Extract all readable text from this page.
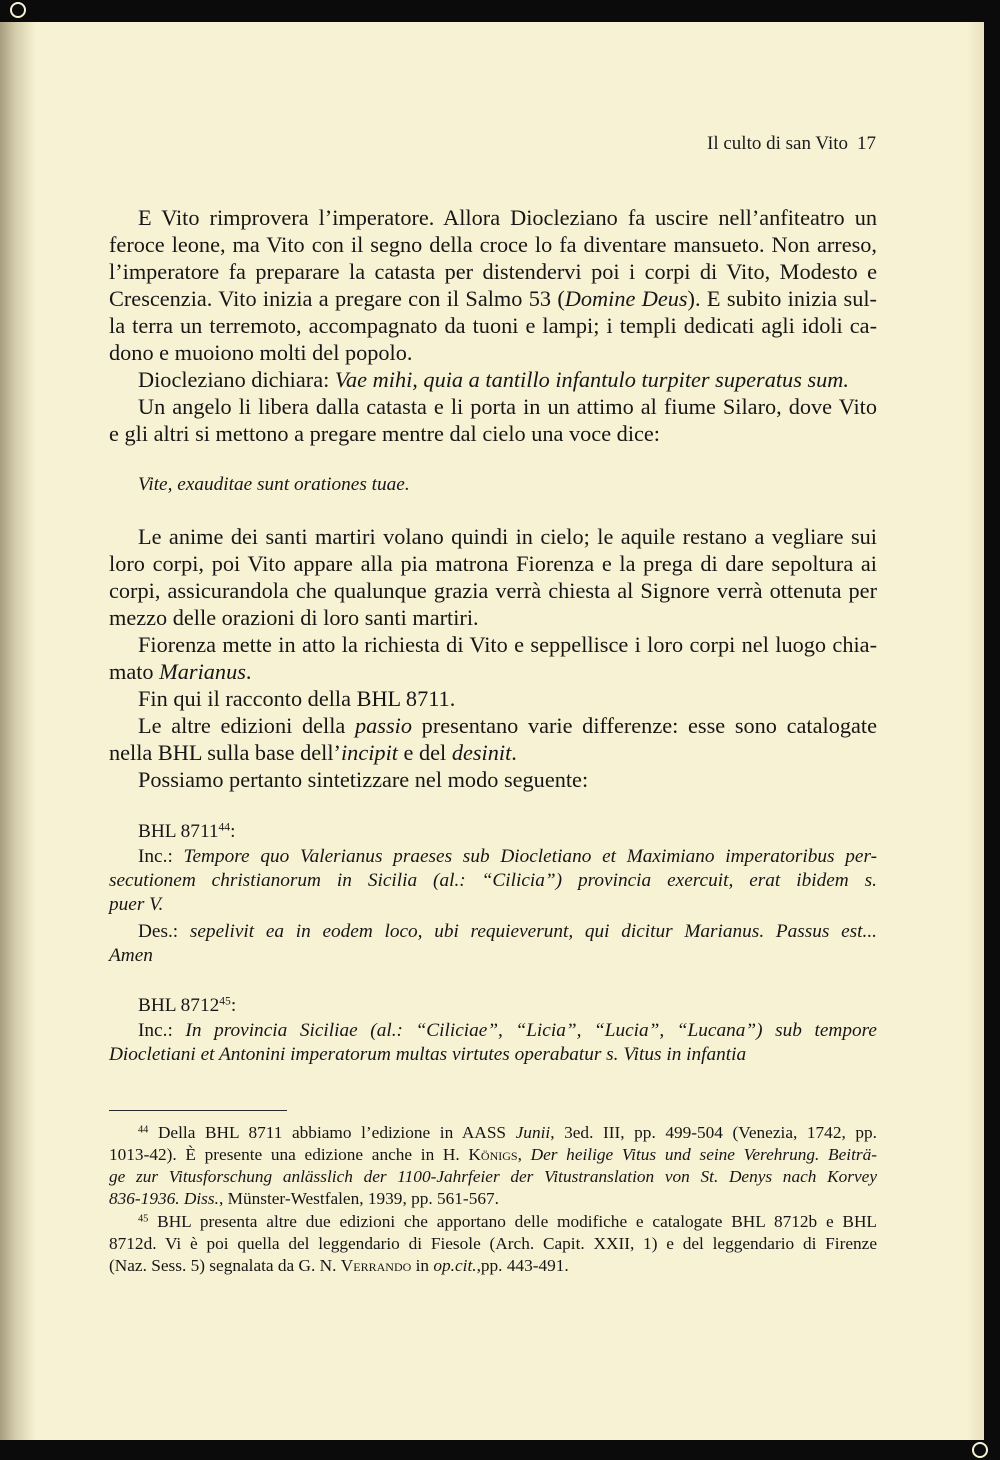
Il culto di san Vito 17
E Vito rimprovera l’imperatore. Allora Diocleziano fa uscire nell’anfiteatro un
feroce leone, ma Vito con il segno della croce lo fa diventare mansueto. Non arreso,
l’imperatore fa preparare la catasta per distendervi poi i corpi di Vito, Modesto e
Crescenzia. Vito inizia a pregare con il Salmo 53 (Domine Deus). E subito inizia sul-
la terra un terremoto, accompagnato da tuoni e lampi; i templi dedicati agli idoli ca-
dono e muoiono molti del popolo.
Diocleziano dichiara: Vae mihi, quia a tantillo infantulo turpiter superatus sum.
Un angelo li libera dalla catasta e li porta in un attimo al fiume Silaro, dove Vito
e gli altri si mettono a pregare mentre dal cielo una voce dice:
Vite, exauditae sunt orationes tuae.
Le anime dei santi martiri volano quindi in cielo; le aquile restano a vegliare sui
loro corpi, poi Vito appare alla pia matrona Fiorenza e la prega di dare sepoltura ai
corpi, assicurandola che qualunque grazia verrà chiesta al Signore verrà ottenuta per
mezzo delle orazioni di loro santi martiri.
Fiorenza mette in atto la richiesta di Vito e seppellisce i loro corpi nel luogo chia-
mato Marianus.
Fin qui il racconto della BHL 8711.
Le altre edizioni della passio presentano varie differenze: esse sono catalogate
nella BHL sulla base dell’incipit e del desinit.
Possiamo pertanto sintetizzare nel modo seguente:
BHL 8711$^{44}$:
Inc.: Tempore quo Valerianus praeses sub Diocletiano et Maximiano imperatoribus per-
secutionem christianorum in Sicilia (al.: “Cilicia”) provincia exercuit, erat ibidem s.
puer V.
Des.: sepelivit ea in eodem loco, ubi requieverunt, qui dicitur Marianus. Passus est...
Amen
BHL 8712$^{45}$:
Inc.: In provincia Siciliae (al.: “Ciliciae”, “Licia”, “Lucia”, “Lucana”) sub tempore
Diocletiani et Antonini imperatorum multas virtutes operabatur s. Vitus in infantia
$^{44}$ Della BHL 8711 abbiamo l’edizione in AASS Junii, 3ed. III, pp. 499-504 (Venezia, 1742, pp.
1013-42). È presente una edizione anche in H. Königs, Der heilige Vitus und seine Verehrung. Beiträ-
ge zur Vitusforschung anlässlich der 1100-Jahrfeier der Vitustranslation von St. Denys nach Korvey
836-1936. Diss., Münster-Westfalen, 1939, pp. 561-567.
$^{45}$ BHL presenta altre due edizioni che apportano delle modifiche e catalogate BHL 8712b e BHL
8712d. Vi è poi quella del leggendario di Fiesole (Arch. Capit. XXII, 1) e del leggendario di Firenze
(Naz. Sess. 5) segnalata da G. N. Verrando in op.cit.,pp. 443-491.
